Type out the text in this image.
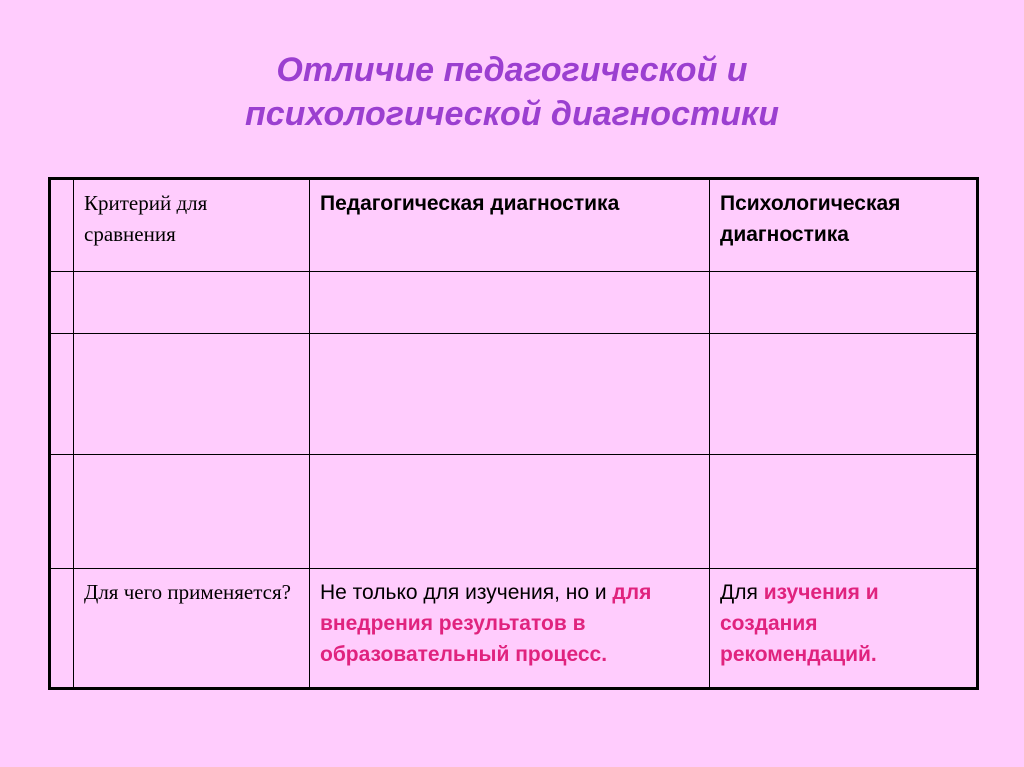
Отличие педагогической и
психологической диагностики

	Критерий для сравнения	Педагогическая диагностика	Психологическая диагностика

	Для чего применяется?	Не только для изучения, но и для внедрения результатов в образовательный процесс.	Для изучения и создания рекомендаций.
